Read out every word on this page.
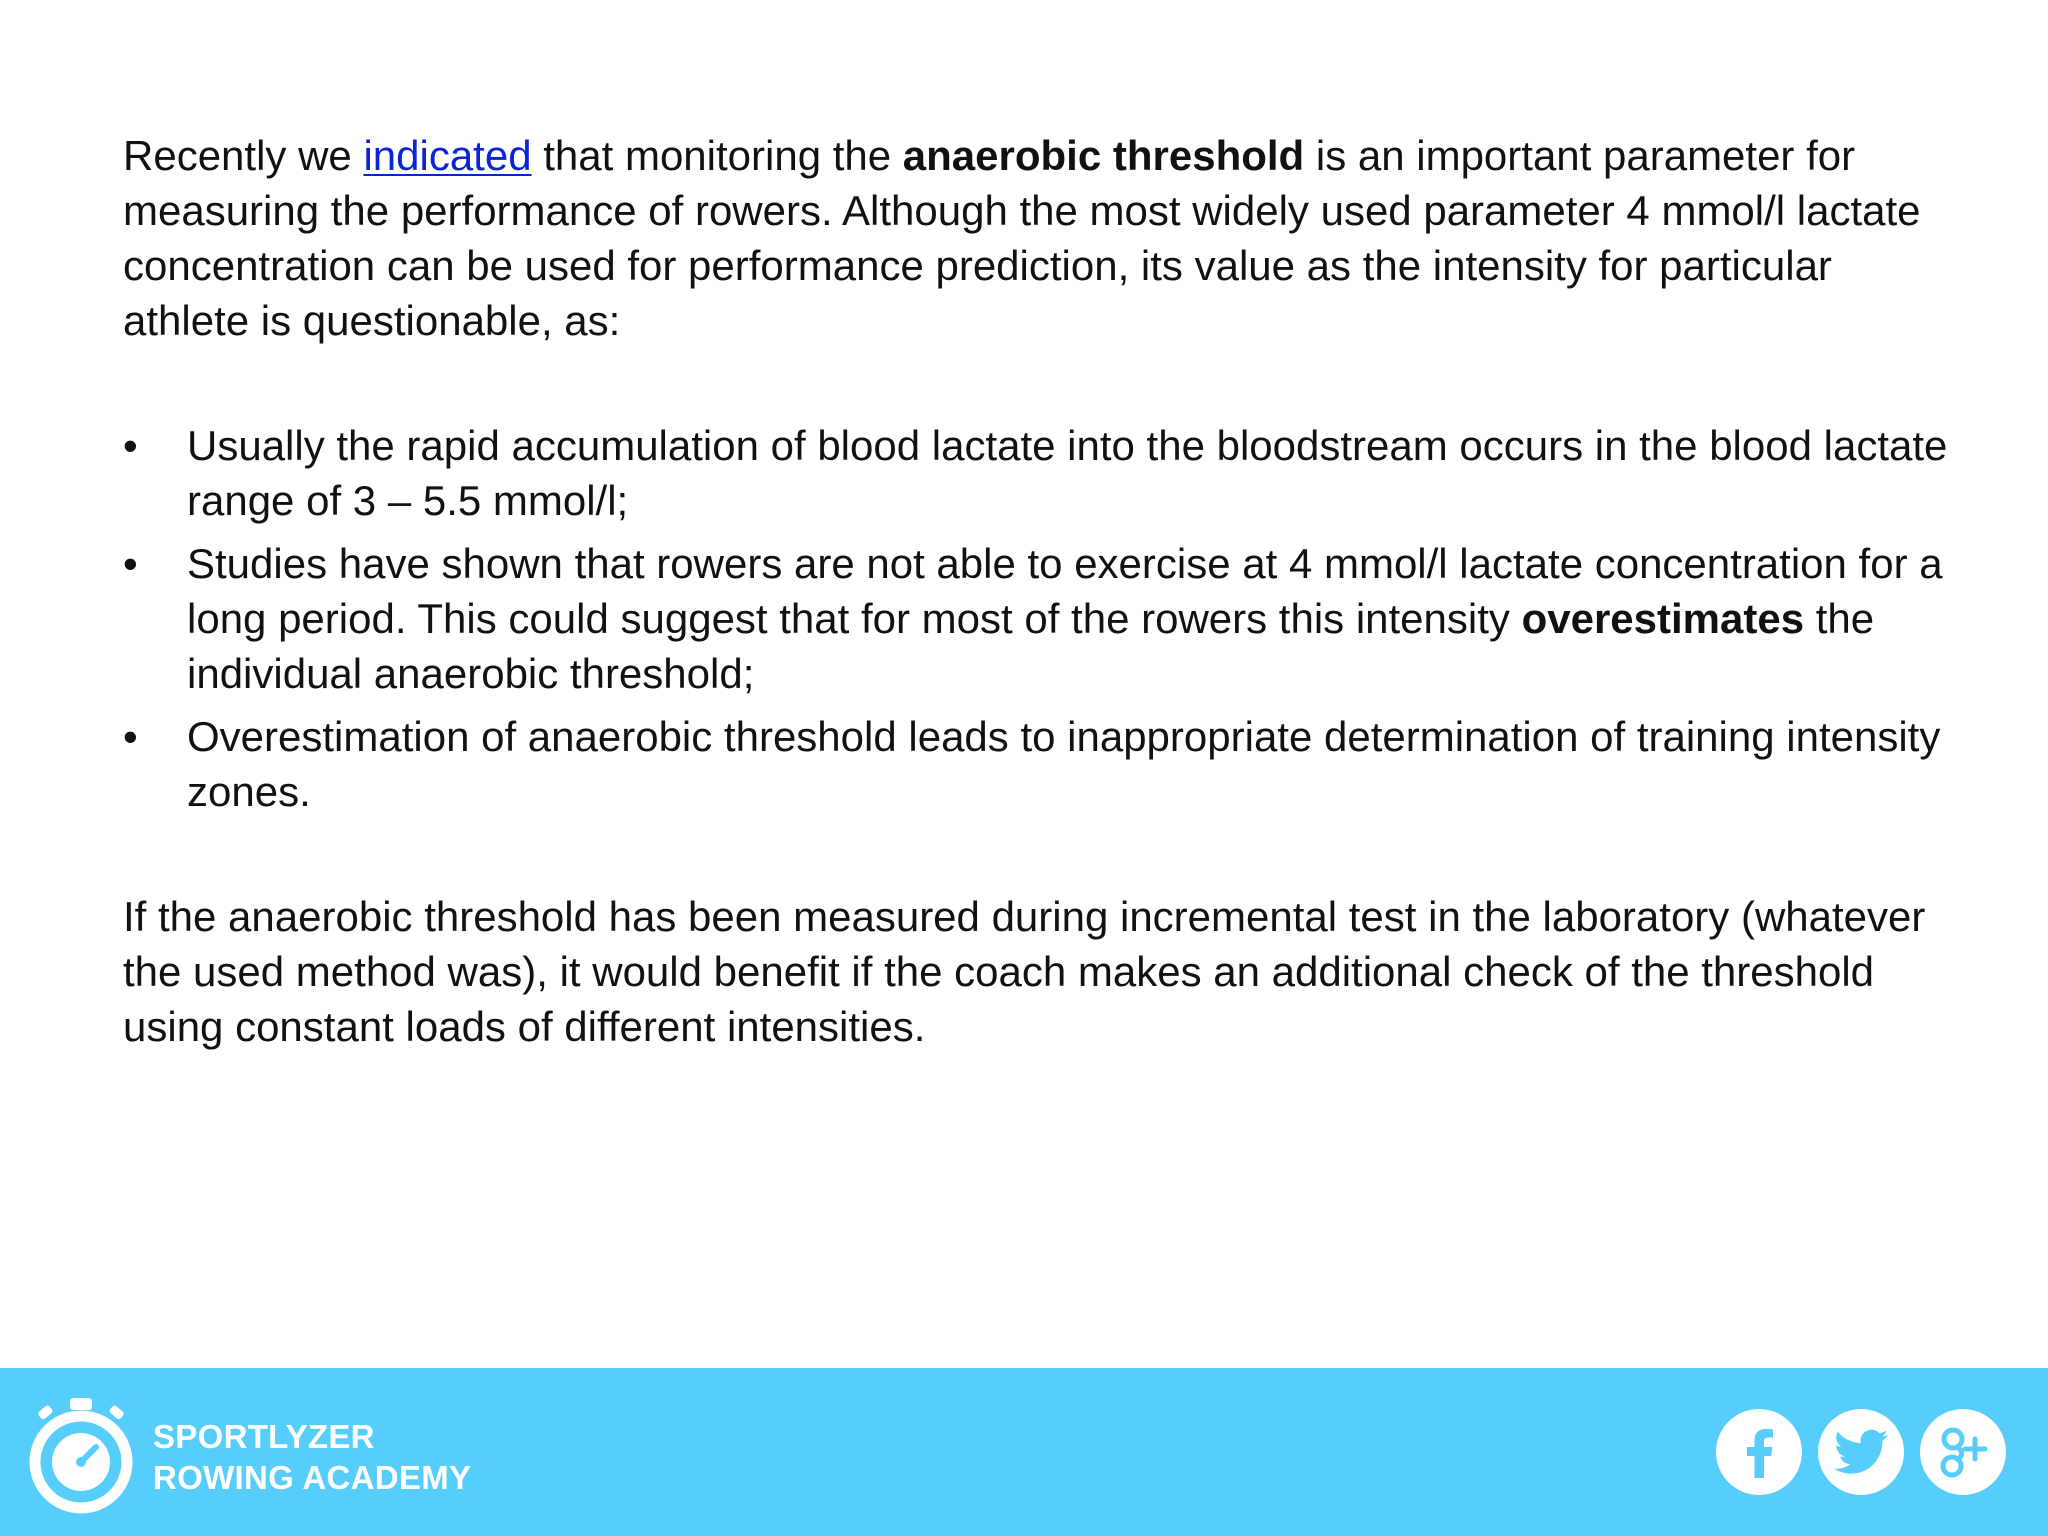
Recently we indicated that monitoring the anaerobic threshold is an important parameter for measuring the performance of rowers. Although the most widely used parameter 4 mmol/l lactate concentration can be used for performance prediction, its value as the intensity for particular athlete is questionable, as:

• Usually the rapid accumulation of blood lactate into the bloodstream occurs in the blood lactate range of 3 – 5.5 mmol/l;
• Studies have shown that rowers are not able to exercise at 4 mmol/l lactate concentration for a long period. This could suggest that for most of the rowers this intensity overestimates the individual anaerobic threshold;
• Overestimation of anaerobic threshold leads to inappropriate determination of training intensity zones.

If the anaerobic threshold has been measured during incremental test in the laboratory (whatever the used method was), it would benefit if the coach makes an additional check of the threshold using constant loads of different intensities.

SPORTLYZER
ROWING ACADEMY
